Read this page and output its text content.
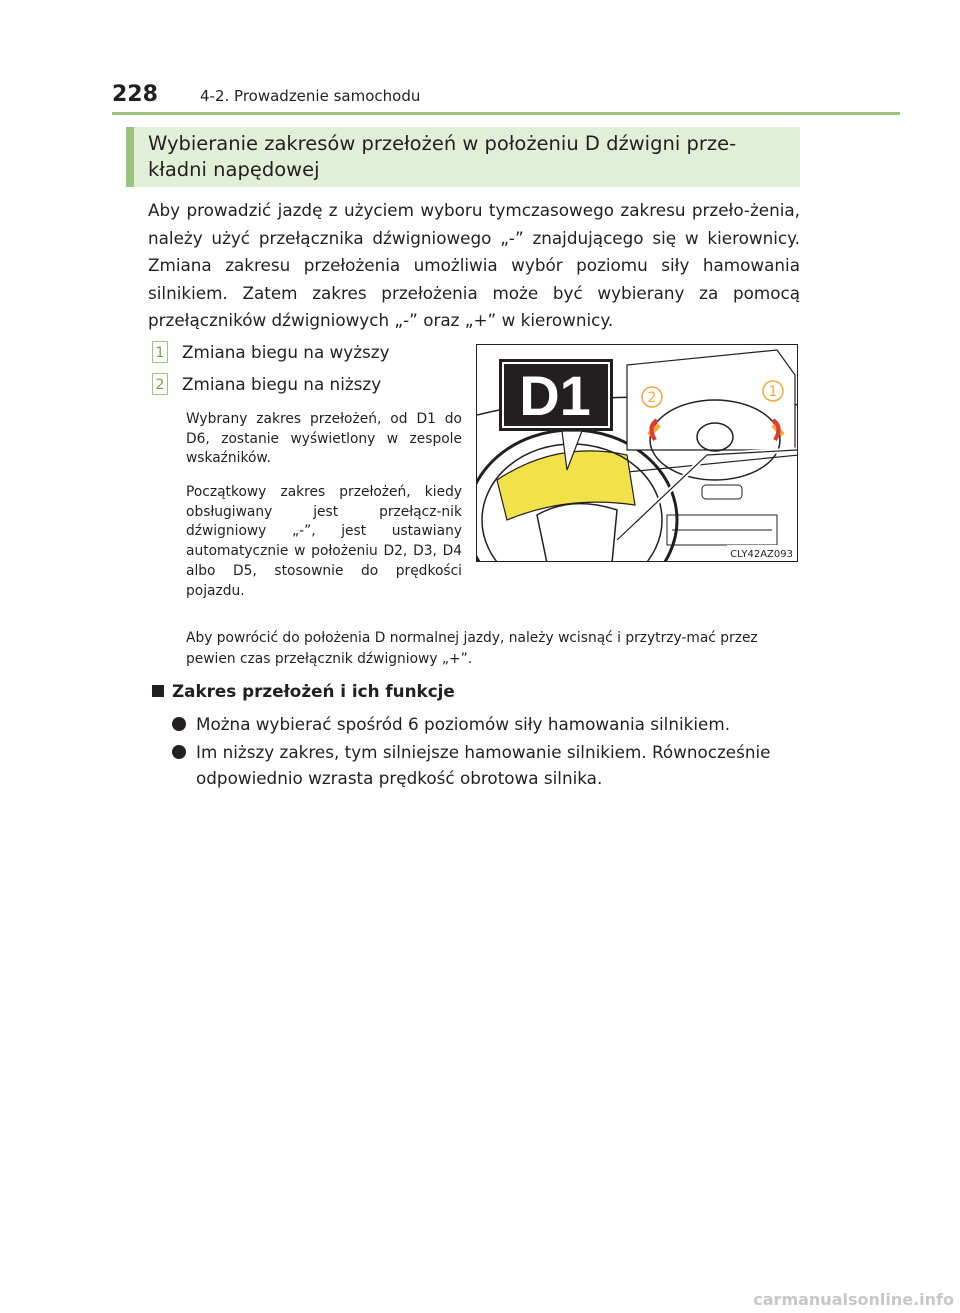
228	4-2. Prowadzenie samochodu
Wybieranie zakresów przełożeń w położeniu D dźwigni prze-
kładni napędowej
Aby prowadzić jazdę z użyciem wyboru tymczasowego zakresu przeło-żenia, należy użyć przełącznika dźwigniowego „-” znajdującego się w kierownicy. Zmiana zakresu przełożenia umożliwia wybór poziomu siły hamowania silnikiem. Zatem zakres przełożenia może być wybierany za pomocą przełączników dźwigniowych „-” oraz „+” w kierownicy.
1 Zmiana biegu na wyższy
2 Zmiana biegu na niższy
Wybrany zakres przełożeń, od D1 do D6, zostanie wyświetlony w zespole wskaźników.
Początkowy zakres przełożeń, kiedy obsługiwany jest przełącz-nik dźwigniowy „-”, jest ustawiany automatycznie w położeniu D2, D3, D4 albo D5, stosownie do prędkości pojazdu.
D1	2	1
CLY42AZ093
Aby powrócić do położenia D normalnej jazdy, należy wcisnąć i przytrzy-mać przez pewien czas przełącznik dźwigniowy „+”.
Zakres przełożeń i ich funkcje
Można wybierać spośród 6 poziomów siły hamowania silnikiem.
Im niższy zakres, tym silniejsze hamowanie silnikiem. Równocześnie odpowiednio wzrasta prędkość obrotowa silnika.
carmanualsonline.info
